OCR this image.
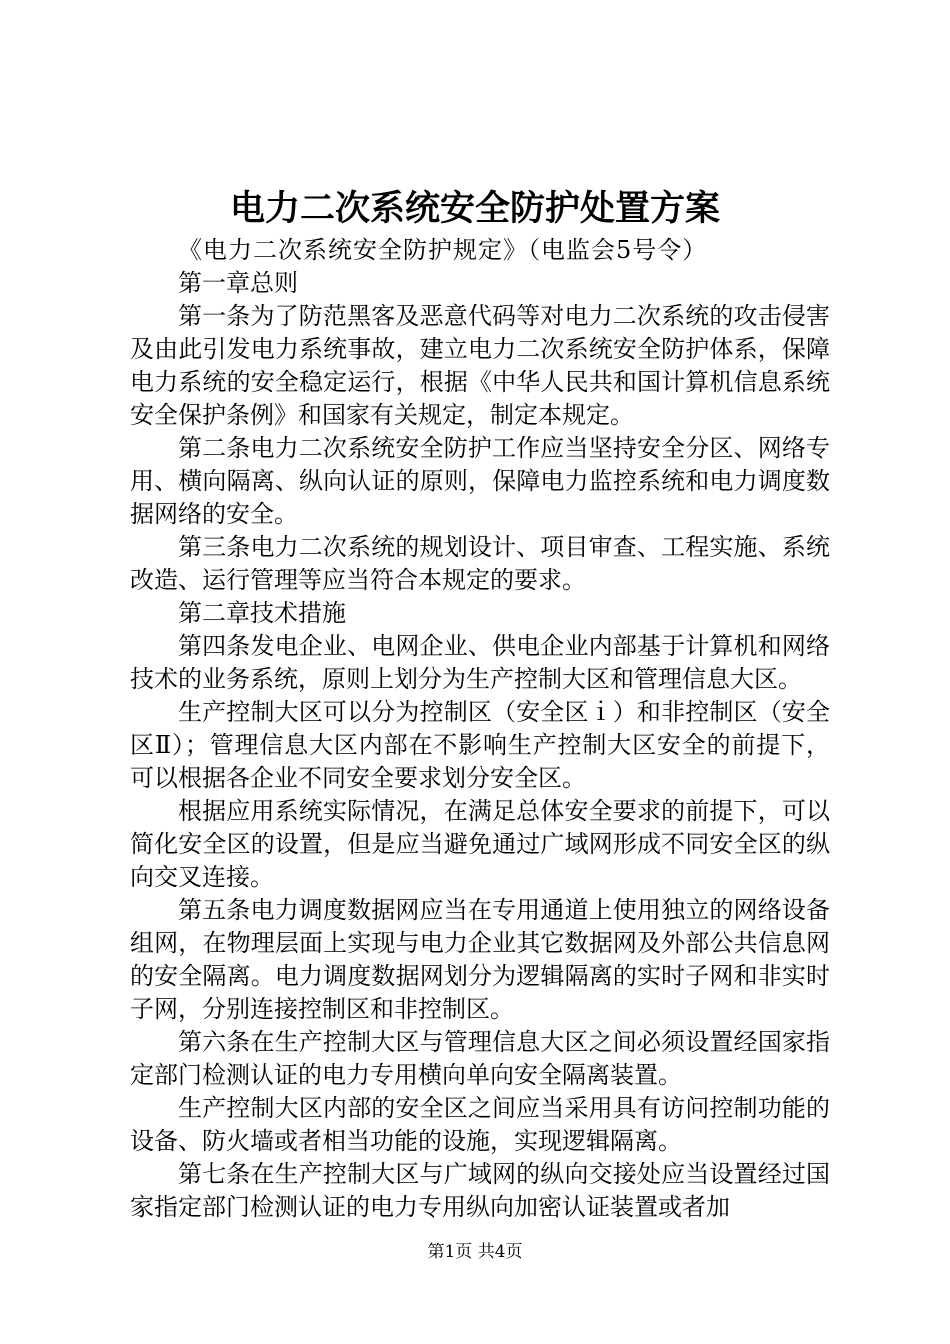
电力二次系统安全防护处置方案

《电力二次系统安全防护规定》（电监会5号令）

第一章总则

第一条为了防范黑客及恶意代码等对电力二次系统的攻击侵害及由此引发电力系统事故，建立电力二次系统安全防护体系，保障电力系统的安全稳定运行，根据《中华人民共和国计算机信息系统安全保护条例》和国家有关规定，制定本规定。

第二条电力二次系统安全防护工作应当坚持安全分区、网络专用、横向隔离、纵向认证的原则，保障电力监控系统和电力调度数据网络的安全。

第三条电力二次系统的规划设计、项目审查、工程实施、系统改造、运行管理等应当符合本规定的要求。

第二章技术措施

第四条发电企业、电网企业、供电企业内部基于计算机和网络技术的业务系统，原则上划分为生产控制大区和管理信息大区。

生产控制大区可以分为控制区（安全区ｉ）和非控制区（安全区Ⅱ）；管理信息大区内部在不影响生产控制大区安全的前提下，可以根据各企业不同安全要求划分安全区。

根据应用系统实际情况，在满足总体安全要求的前提下，可以简化安全区的设置，但是应当避免通过广域网形成不同安全区的纵向交叉连接。

第五条电力调度数据网应当在专用通道上使用独立的网络设备组网，在物理层面上实现与电力企业其它数据网及外部公共信息网的安全隔离。电力调度数据网划分为逻辑隔离的实时子网和非实时子网，分别连接控制区和非控制区。

第六条在生产控制大区与管理信息大区之间必须设置经国家指定部门检测认证的电力专用横向单向安全隔离装置。

生产控制大区内部的安全区之间应当采用具有访问控制功能的设备、防火墙或者相当功能的设施，实现逻辑隔离。

第七条在生产控制大区与广域网的纵向交接处应当设置经过国家指定部门检测认证的电力专用纵向加密认证装置或者加

第1页 共4页
